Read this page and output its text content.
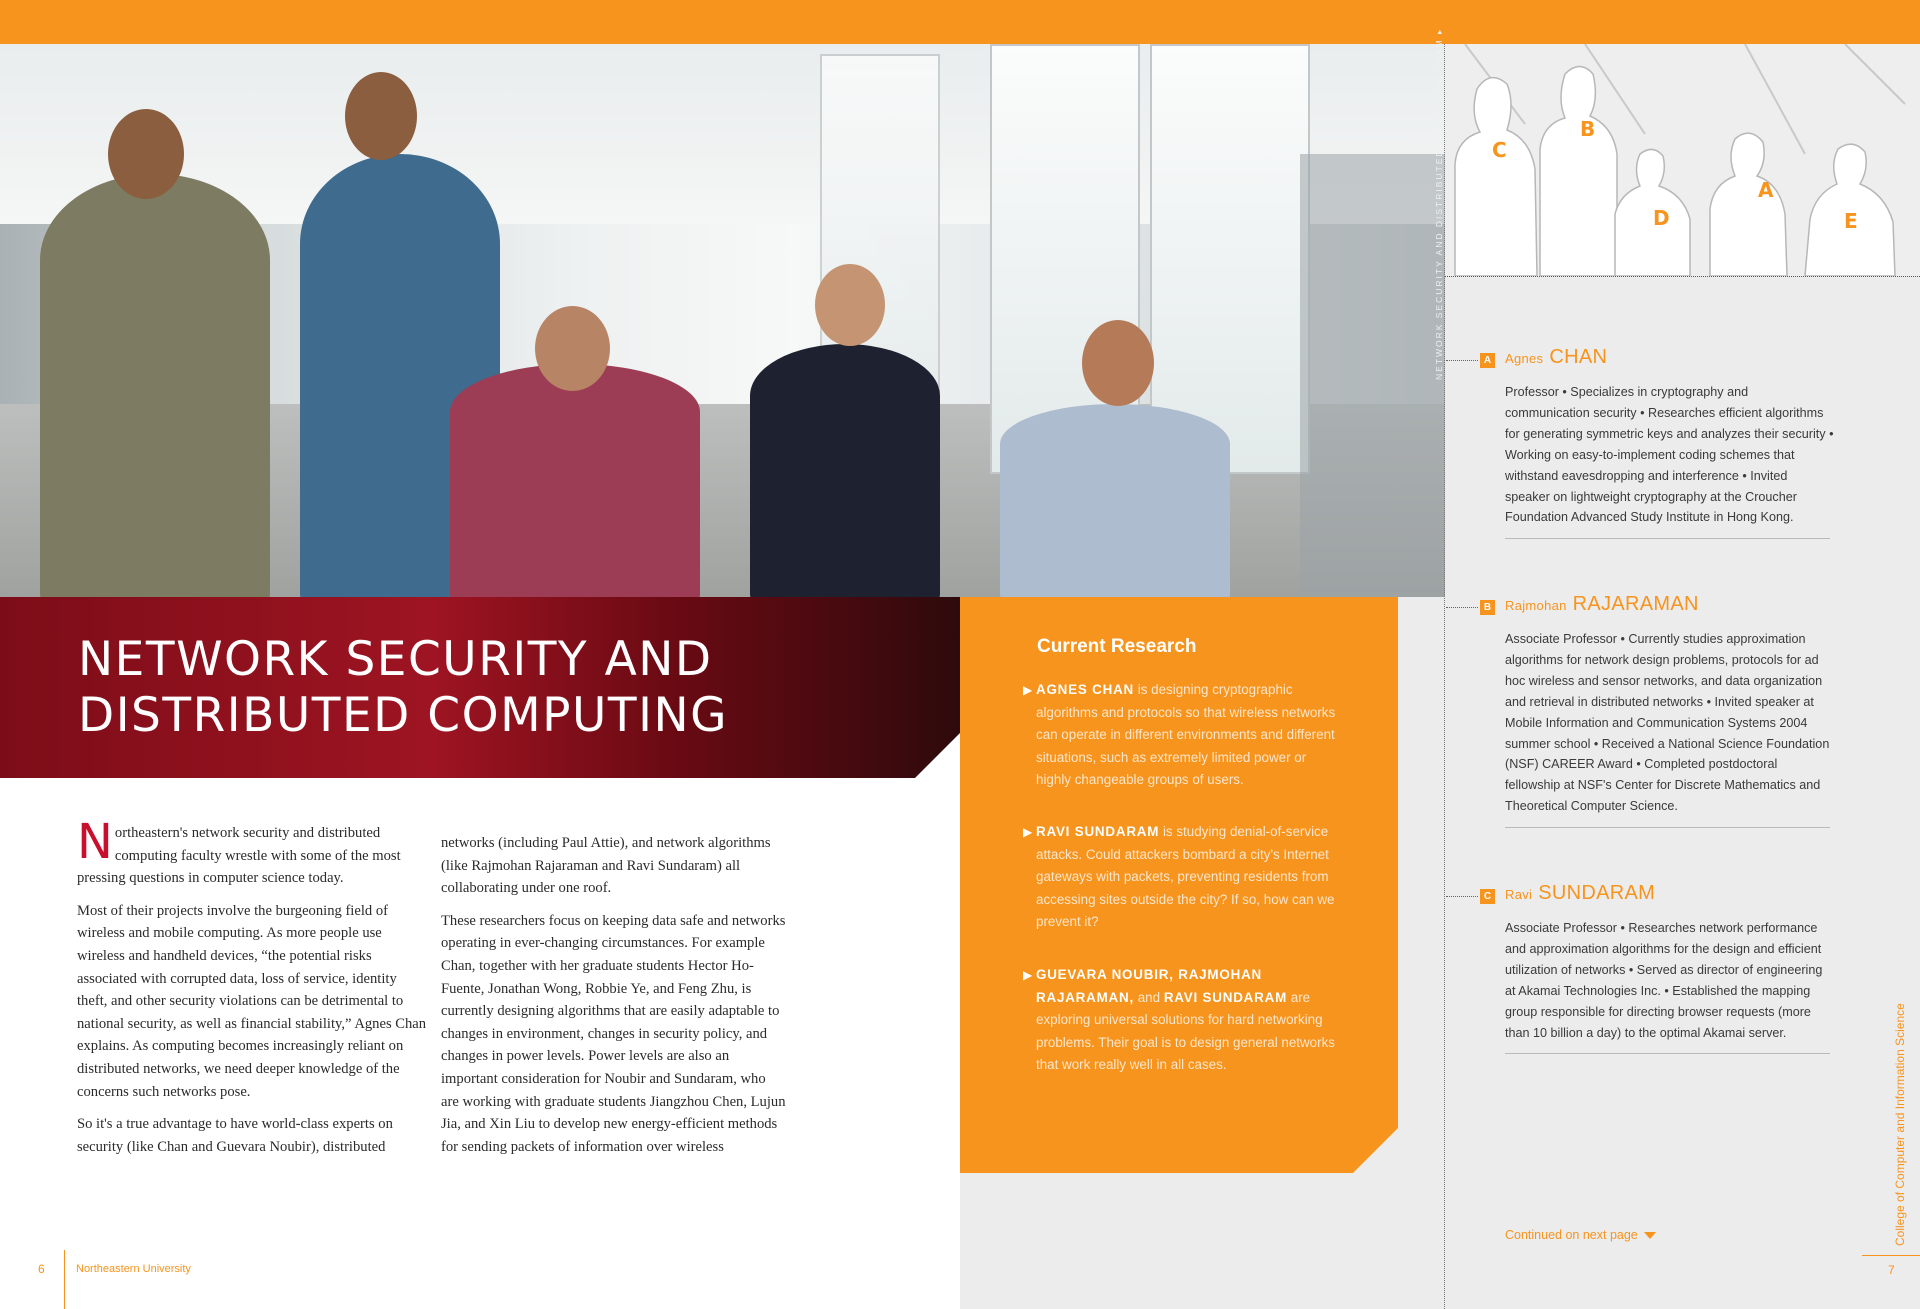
NETWORK SECURITY AND DISTRIBUTED COMPUTING TEAM ▸
NETWORK SECURITY AND
DISTRIBUTED COMPUTING

Northeastern's network security and distributed computing faculty wrestle with some of the most pressing questions in computer science today.

Most of their projects involve the burgeoning field of wireless and mobile computing. As more people use wireless and handheld devices, “the potential risks associated with corrupted data, loss of service, identity theft, and other security violations can be detrimental to national security, as well as financial stability,” Agnes Chan explains. As computing becomes increasingly reliant on distributed networks, we need deeper knowledge of the concerns such networks pose.

So it's a true advantage to have world-class experts on security (like Chan and Guevara Noubir), distributed

networks (including Paul Attie), and network algorithms (like Rajmohan Rajaraman and Ravi Sundaram) all collaborating under one roof.

These researchers focus on keeping data safe and networks operating in ever-changing circumstances. For example Chan, together with her graduate students Hector Ho-Fuente, Jonathan Wong, Robbie Ye, and Feng Zhu, is currently designing algorithms that are easily adaptable to changes in environment, changes in security policy, and changes in power levels. Power levels are also an important consideration for Noubir and Sundaram, who are working with graduate students Jiangzhou Chen, Lujun Jia, and Xin Liu to develop new energy-efficient methods for sending packets of information over wireless

6	Northeastern University
Current Research
▶ AGNES CHAN is designing cryptographic algorithms and protocols so that wireless networks can operate in different environments and different situations, such as extremely limited power or highly changeable groups of users.
▶ RAVI SUNDARAM is studying denial-of-service attacks. Could attackers bombard a city's Internet gateways with packets, preventing residents from accessing sites outside the city? If so, how can we prevent it?
▶ GUEVARA NOUBIR, RAJMOHAN RAJARAMAN, and RAVI SUNDARAM are exploring universal solutions for hard networking problems. Their goal is to design general networks that work really well in all cases.
C
B
D
A
E
A Agnes CHAN
Professor • Specializes in cryptography and communication security • Researches efficient algorithms for generating symmetric keys and analyzes their security • Working on easy-to-implement coding schemes that withstand eavesdropping and interference • Invited speaker on lightweight cryptography at the Croucher Foundation Advanced Study Institute in Hong Kong.
B Rajmohan RAJARAMAN
Associate Professor • Currently studies approximation algorithms for network design problems, protocols for ad hoc wireless and sensor networks, and data organization and retrieval in distributed networks • Invited speaker at Mobile Information and Communication Systems 2004 summer school • Received a National Science Foundation (NSF) CAREER Award • Completed postdoctoral fellowship at NSF's Center for Discrete Mathematics and Theoretical Computer Science.
C Ravi SUNDARAM
Associate Professor • Researches network performance and approximation algorithms for the design and efficient utilization of networks • Served as director of engineering at Akamai Technologies Inc. • Established the mapping group responsible for directing browser requests (more than 10 billion a day) to the optimal Akamai server.
Continued on next page	College of Computer and Information Science
7
